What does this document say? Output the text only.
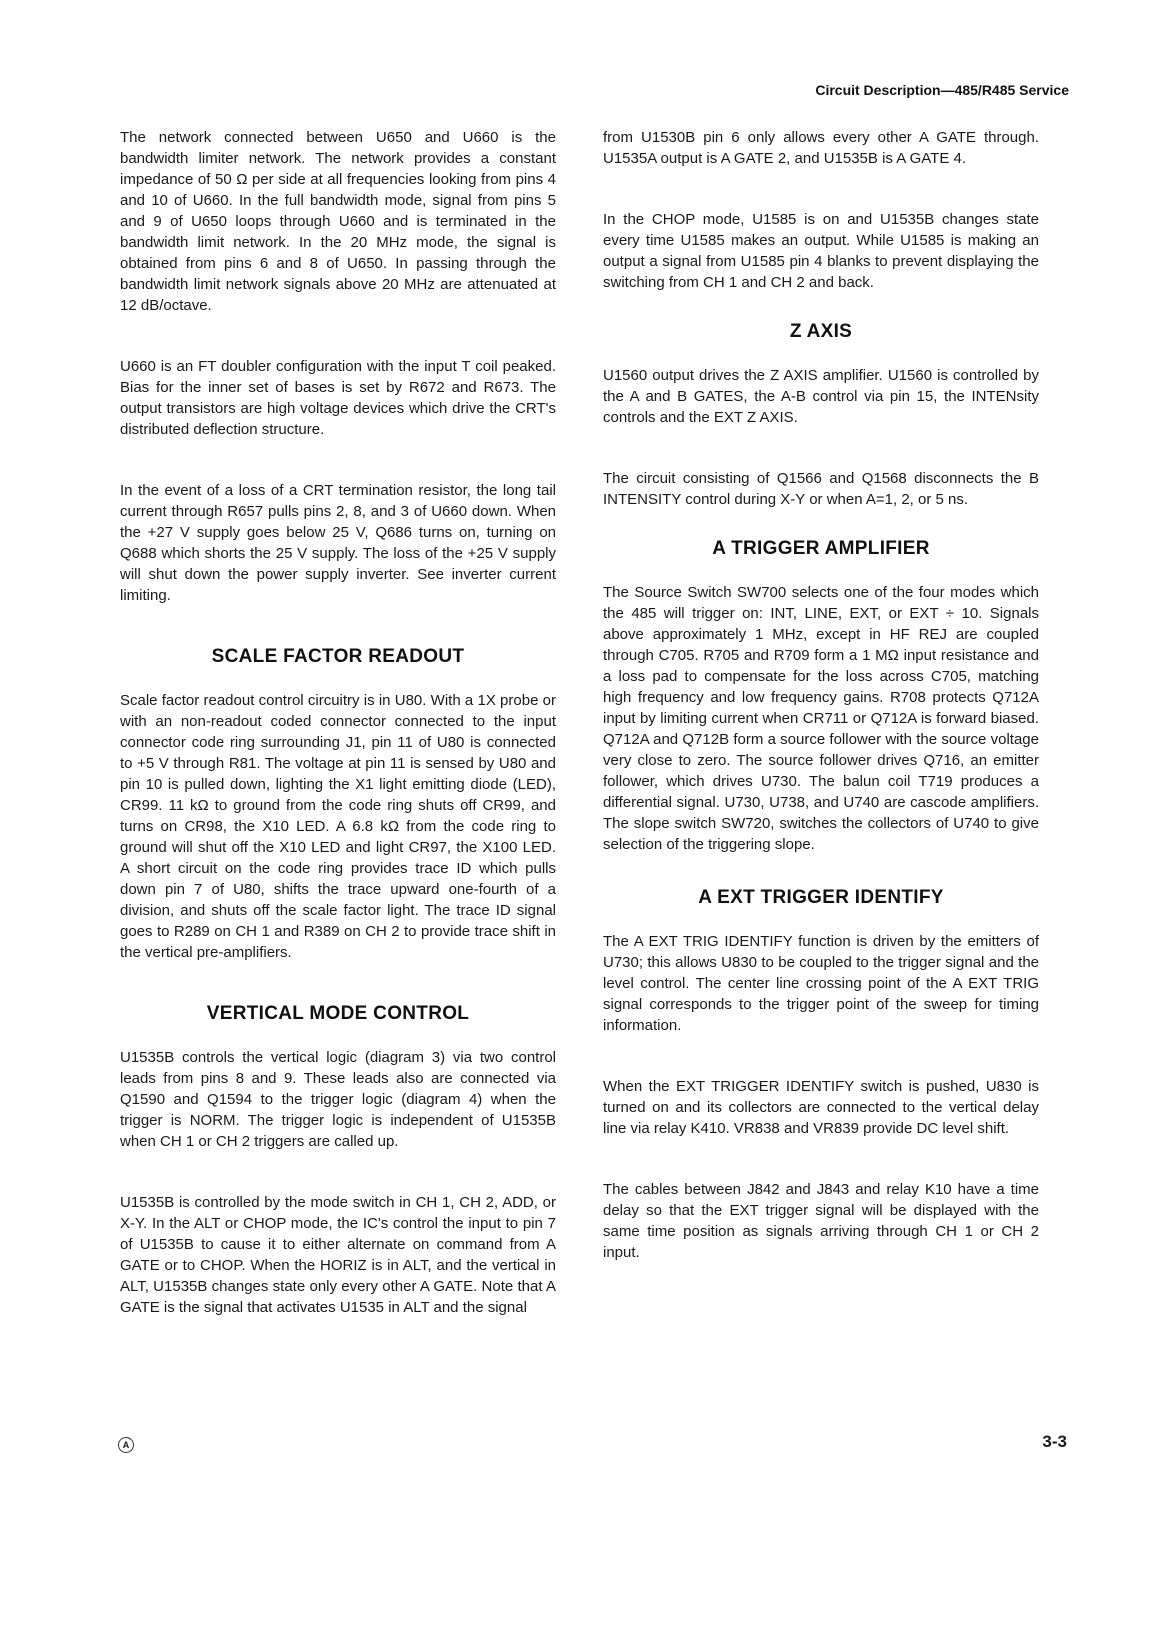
Circuit Description—485/R485 Service

The network connected between U650 and U660 is the bandwidth limiter network. The network provides a constant impedance of 50 Ω per side at all frequencies looking from pins 4 and 10 of U660. In the full bandwidth mode, signal from pins 5 and 9 of U650 loops through U660 and is terminated in the bandwidth limit network. In the 20 MHz mode, the signal is obtained from pins 6 and 8 of U650. In passing through the bandwidth limit network signals above 20 MHz are attenuated at 12 dB/octave.

U660 is an FT doubler configuration with the input T coil peaked. Bias for the inner set of bases is set by R672 and R673. The output transistors are high voltage devices which drive the CRT's distributed deflection structure.

In the event of a loss of a CRT termination resistor, the long tail current through R657 pulls pins 2, 8, and 3 of U660 down. When the +27 V supply goes below 25 V, Q686 turns on, turning on Q688 which shorts the 25 V supply. The loss of the +25 V supply will shut down the power supply inverter. See inverter current limiting.

SCALE FACTOR READOUT

Scale factor readout control circuitry is in U80. With a 1X probe or with an non-readout coded connector connected to the input connector code ring surrounding J1, pin 11 of U80 is connected to +5 V through R81. The voltage at pin 11 is sensed by U80 and pin 10 is pulled down, lighting the X1 light emitting diode (LED), CR99. 11 kΩ to ground from the code ring shuts off CR99, and turns on CR98, the X10 LED. A 6.8 kΩ from the code ring to ground will shut off the X10 LED and light CR97, the X100 LED. A short circuit on the code ring provides trace ID which pulls down pin 7 of U80, shifts the trace upward one-fourth of a division, and shuts off the scale factor light. The trace ID signal goes to R289 on CH 1 and R389 on CH 2 to provide trace shift in the vertical pre-amplifiers.

VERTICAL MODE CONTROL

U1535B controls the vertical logic (diagram 3) via two control leads from pins 8 and 9. These leads also are connected via Q1590 and Q1594 to the trigger logic (diagram 4) when the trigger is NORM. The trigger logic is independent of U1535B when CH 1 or CH 2 triggers are called up.

U1535B is controlled by the mode switch in CH 1, CH 2, ADD, or X-Y. In the ALT or CHOP mode, the IC's control the input to pin 7 of U1535B to cause it to either alternate on command from A GATE or to CHOP. When the HORIZ is in ALT, and the vertical in ALT, U1535B changes state only every other A GATE. Note that A GATE is the signal that activates U1535 in ALT and the signal

from U1530B pin 6 only allows every other A GATE through. U1535A output is A GATE 2, and U1535B is A GATE 4.

In the CHOP mode, U1585 is on and U1535B changes state every time U1585 makes an output. While U1585 is making an output a signal from U1585 pin 4 blanks to prevent displaying the switching from CH 1 and CH 2 and back.

Z AXIS

U1560 output drives the Z AXIS amplifier. U1560 is controlled by the A and B GATES, the A-B control via pin 15, the INTENsity controls and the EXT Z AXIS.

The circuit consisting of Q1566 and Q1568 disconnects the B INTENSITY control during X-Y or when A=1, 2, or 5 ns.

A TRIGGER AMPLIFIER

The Source Switch SW700 selects one of the four modes which the 485 will trigger on: INT, LINE, EXT, or EXT ÷ 10. Signals above approximately 1 MHz, except in HF REJ are coupled through C705. R705 and R709 form a 1 MΩ input resistance and a loss pad to compensate for the loss across C705, matching high frequency and low frequency gains. R708 protects Q712A input by limiting current when CR711 or Q712A is forward biased. Q712A and Q712B form a source follower with the source voltage very close to zero. The source follower drives Q716, an emitter follower, which drives U730. The balun coil T719 produces a differential signal. U730, U738, and U740 are cascode amplifiers. The slope switch SW720, switches the collectors of U740 to give selection of the triggering slope.

A EXT TRIGGER IDENTIFY

The A EXT TRIG IDENTIFY function is driven by the emitters of U730; this allows U830 to be coupled to the trigger signal and the level control. The center line crossing point of the A EXT TRIG signal corresponds to the trigger point of the sweep for timing information.

When the EXT TRIGGER IDENTIFY switch is pushed, U830 is turned on and its collectors are connected to the vertical delay line via relay K410. VR838 and VR839 provide DC level shift.

The cables between J842 and J843 and relay K10 have a time delay so that the EXT trigger signal will be displayed with the same time position as signals arriving through CH 1 or CH 2 input.

A	3-3
